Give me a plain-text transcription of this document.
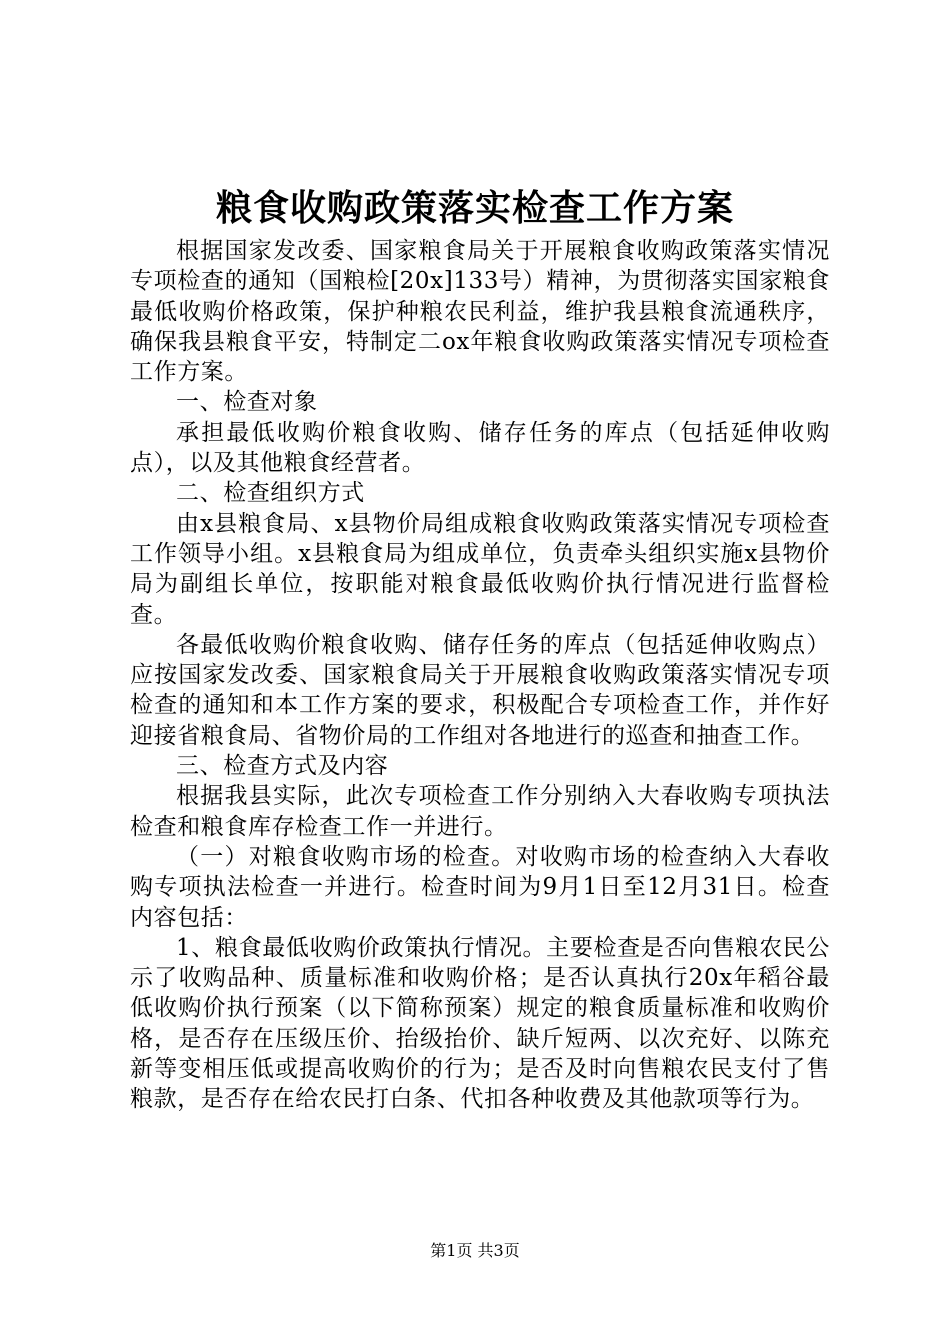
粮食收购政策落实检查工作方案

根据国家发改委、国家粮食局关于开展粮食收购政策落实情况专项检查的通知（国粮检[20x]133号）精神，为贯彻落实国家粮食最低收购价格政策，保护种粮农民利益，维护我县粮食流通秩序，确保我县粮食平安，特制定二ox年粮食收购政策落实情况专项检查工作方案。

一、检查对象

承担最低收购价粮食收购、储存任务的库点（包括延伸收购点），以及其他粮食经营者。

二、检查组织方式

由x县粮食局、x县物价局组成粮食收购政策落实情况专项检查工作领导小组。x县粮食局为组成单位，负责牵头组织实施x县物价局为副组长单位，按职能对粮食最低收购价执行情况进行监督检查。

各最低收购价粮食收购、储存任务的库点（包括延伸收购点）应按国家发改委、国家粮食局关于开展粮食收购政策落实情况专项检查的通知和本工作方案的要求，积极配合专项检查工作，并作好迎接省粮食局、省物价局的工作组对各地进行的巡查和抽查工作。

三、检查方式及内容

根据我县实际，此次专项检查工作分别纳入大春收购专项执法检查和粮食库存检查工作一并进行。

（一）对粮食收购市场的检查。对收购市场的检查纳入大春收购专项执法检查一并进行。检查时间为9月1日至12月31日。检查内容包括：

1、粮食最低收购价政策执行情况。主要检查是否向售粮农民公示了收购品种、质量标准和收购价格；是否认真执行20x年稻谷最低收购价执行预案（以下简称预案）规定的粮食质量标准和收购价格，是否存在压级压价、抬级抬价、缺斤短两、以次充好、以陈充新等变相压低或提高收购价的行为；是否及时向售粮农民支付了售粮款，是否存在给农民打白条、代扣各种收费及其他款项等行为。

第1页 共3页
